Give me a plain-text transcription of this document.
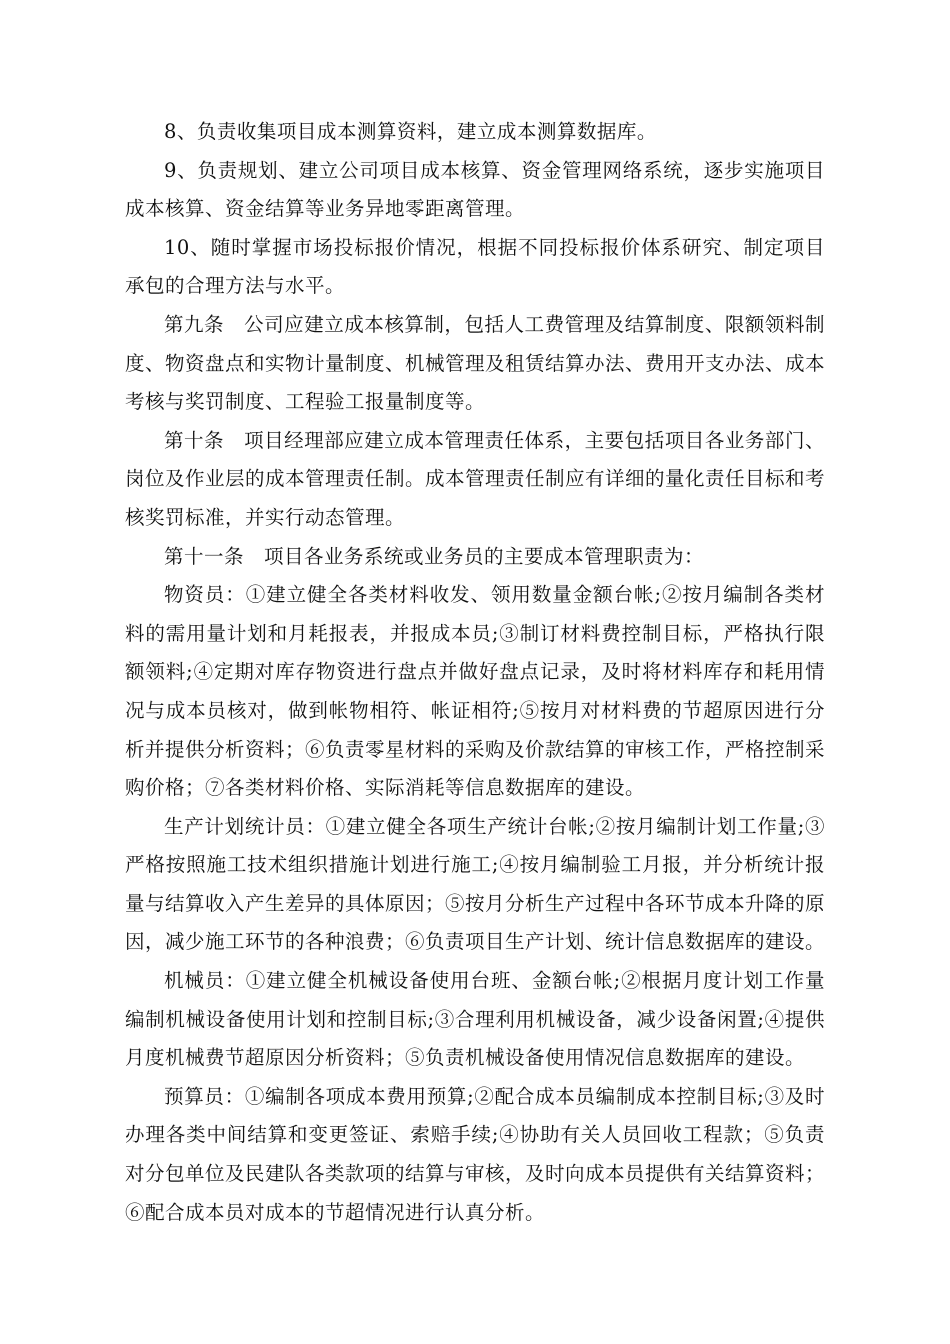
8、负责收集项目成本测算资料，建立成本测算数据库。

9、负责规划、建立公司项目成本核算、资金管理网络系统，逐步实施项目成本核算、资金结算等业务异地零距离管理。

10、随时掌握市场投标报价情况，根据不同投标报价体系研究、制定项目承包的合理方法与水平。

第九条　公司应建立成本核算制，包括人工费管理及结算制度、限额领料制度、物资盘点和实物计量制度、机械管理及租赁结算办法、费用开支办法、成本考核与奖罚制度、工程验工报量制度等。

第十条　项目经理部应建立成本管理责任体系，主要包括项目各业务部门、岗位及作业层的成本管理责任制。成本管理责任制应有详细的量化责任目标和考核奖罚标准，并实行动态管理。

第十一条　项目各业务系统或业务员的主要成本管理职责为：

物资员：①建立健全各类材料收发、领用数量金额台帐;②按月编制各类材料的需用量计划和月耗报表，并报成本员;③制订材料费控制目标，严格执行限额领料;④定期对库存物资进行盘点并做好盘点记录，及时将材料库存和耗用情况与成本员核对，做到帐物相符、帐证相符;⑤按月对材料费的节超原因进行分析并提供分析资料；⑥负责零星材料的采购及价款结算的审核工作，严格控制采购价格；⑦各类材料价格、实际消耗等信息数据库的建设。

生产计划统计员：①建立健全各项生产统计台帐;②按月编制计划工作量;③严格按照施工技术组织措施计划进行施工;④按月编制验工月报，并分析统计报量与结算收入产生差异的具体原因；⑤按月分析生产过程中各环节成本升降的原因，减少施工环节的各种浪费；⑥负责项目生产计划、统计信息数据库的建设。

机械员：①建立健全机械设备使用台班、金额台帐;②根据月度计划工作量编制机械设备使用计划和控制目标;③合理利用机械设备，减少设备闲置;④提供月度机械费节超原因分析资料；⑤负责机械设备使用情况信息数据库的建设。

预算员：①编制各项成本费用预算;②配合成本员编制成本控制目标;③及时办理各类中间结算和变更签证、索赔手续;④协助有关人员回收工程款；⑤负责对分包单位及民建队各类款项的结算与审核，及时向成本员提供有关结算资料；⑥配合成本员对成本的节超情况进行认真分析。
